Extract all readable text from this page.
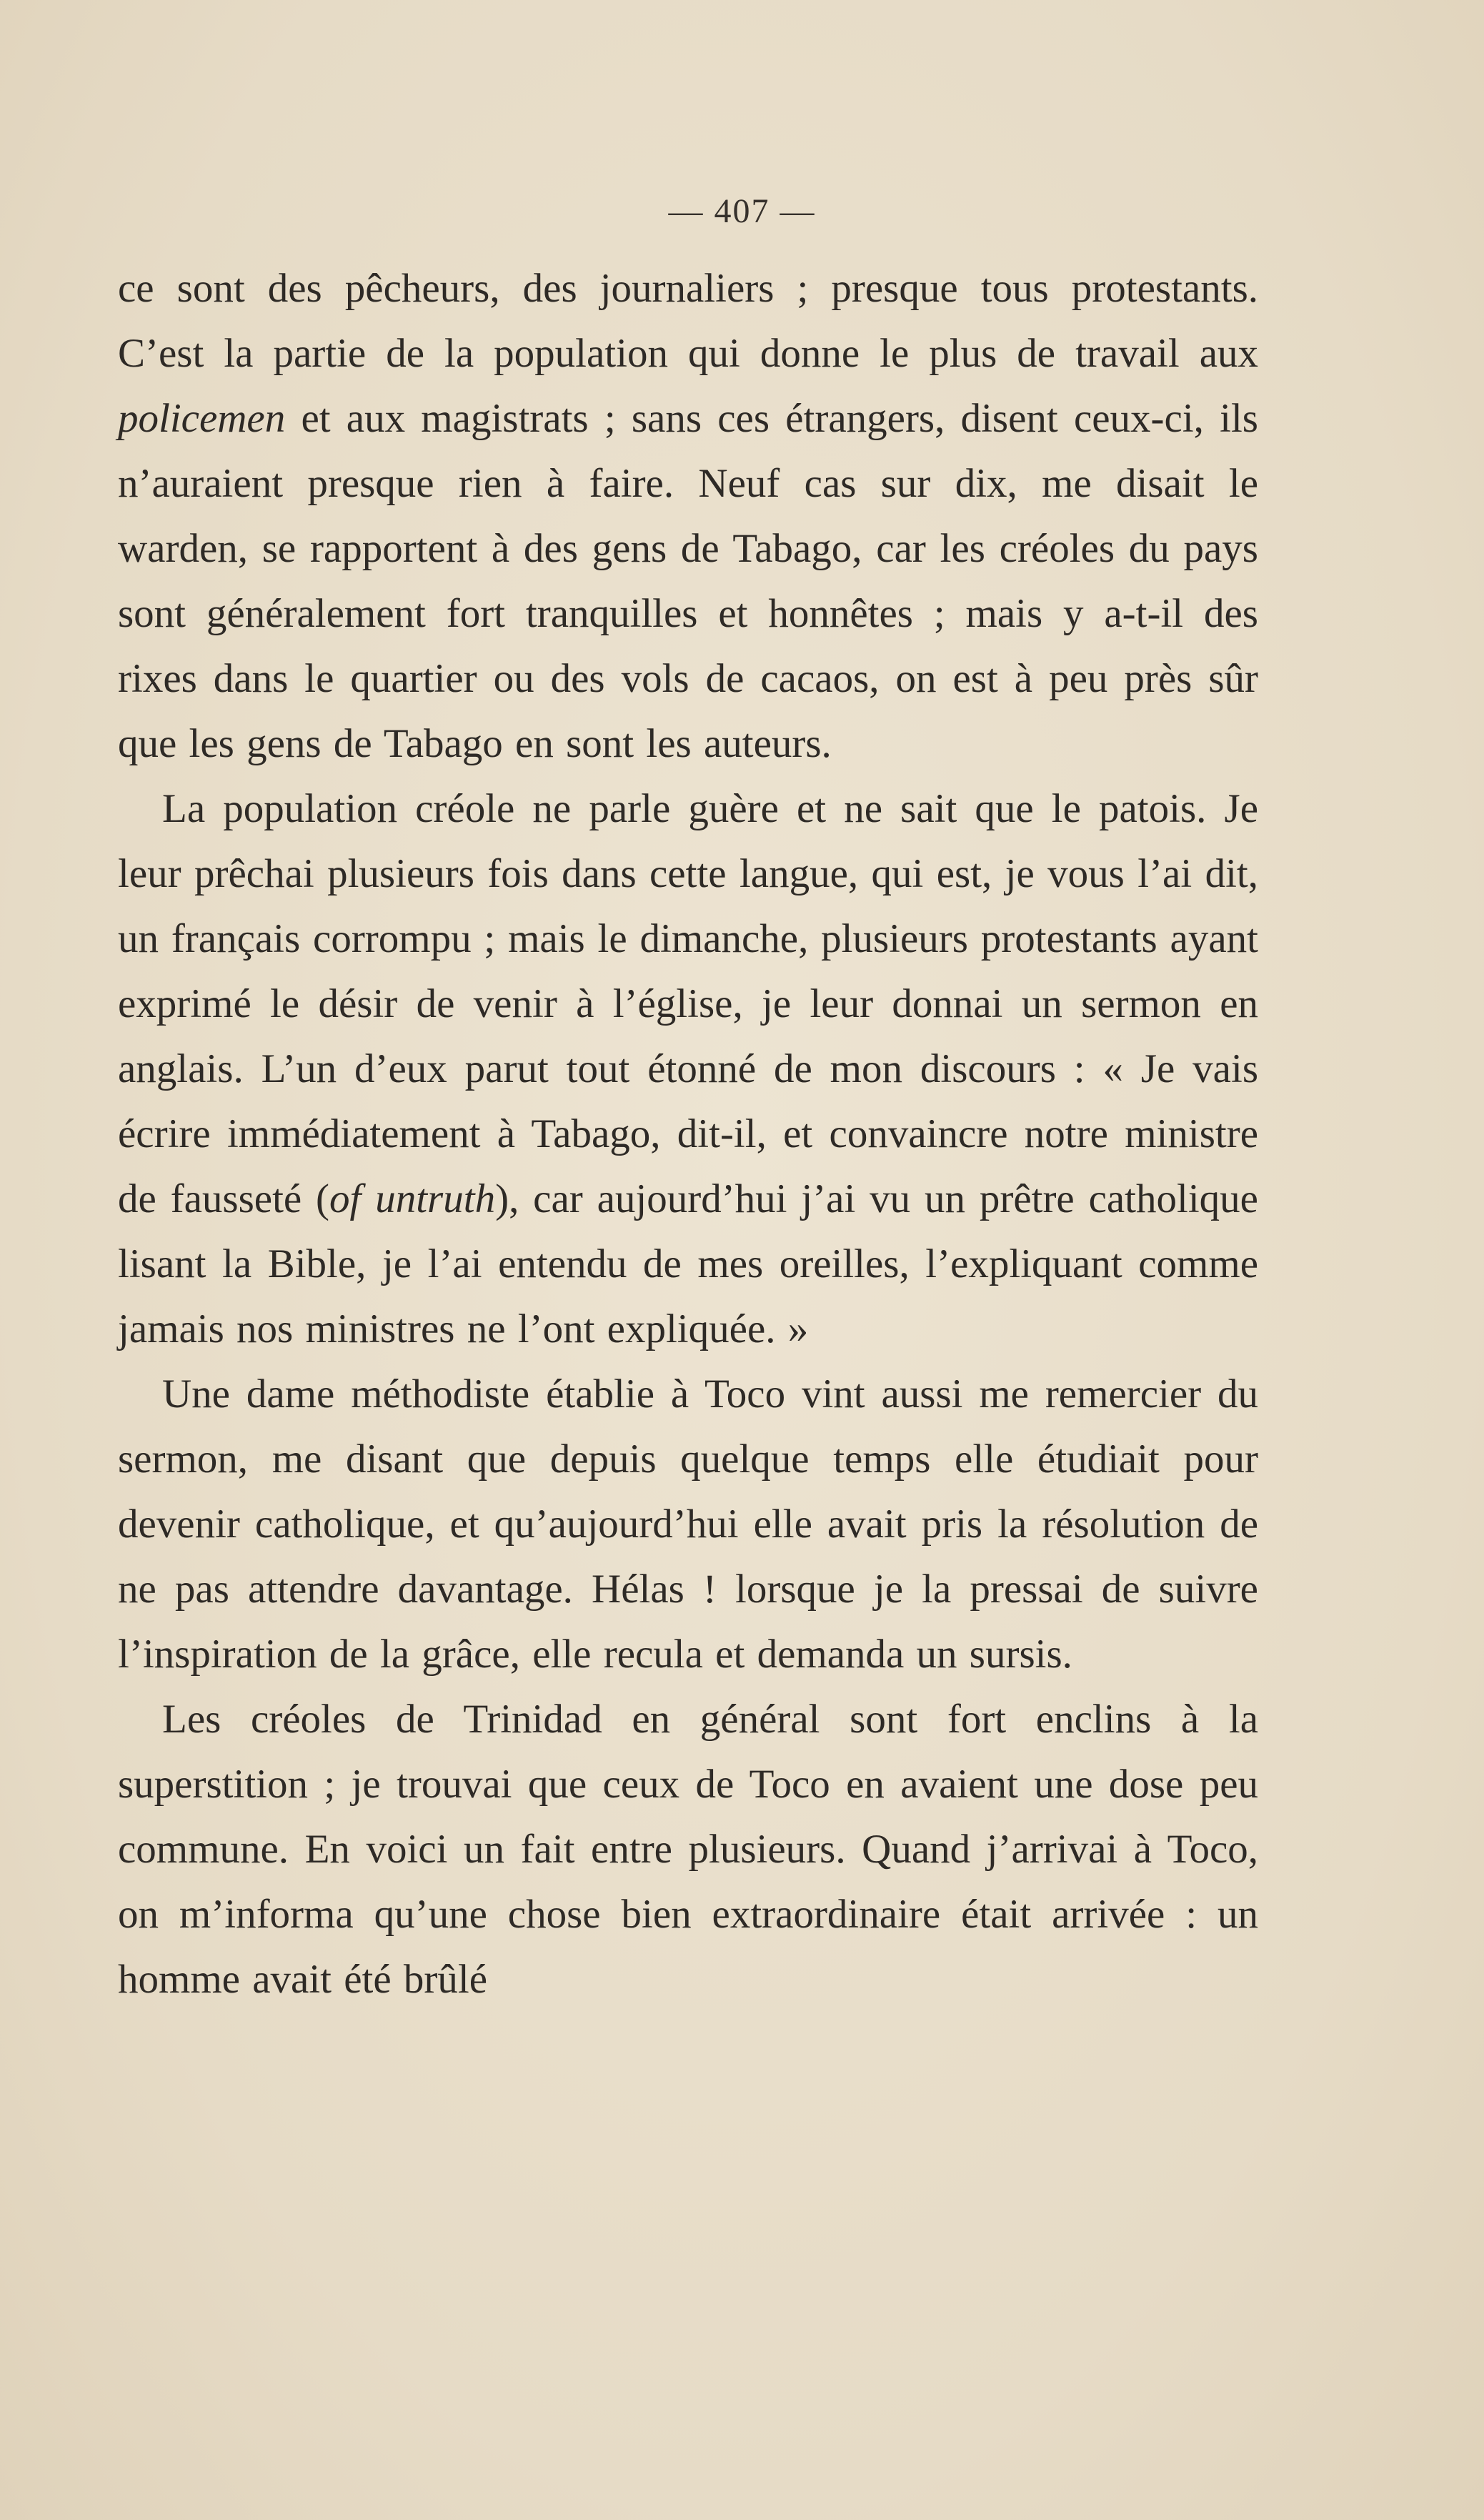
— 407 —

ce sont des pêcheurs, des journaliers ; presque tous protestants. C’est la partie de la population qui donne le plus de travail aux policemen et aux magistrats ; sans ces étrangers, disent ceux-ci, ils n’auraient presque rien à faire. Neuf cas sur dix, me disait le warden, se rapportent à des gens de Tabago, car les créoles du pays sont généralement fort tranquilles et honnêtes ; mais y a-t-il des rixes dans le quartier ou des vols de cacaos, on est à peu près sûr que les gens de Tabago en sont les auteurs.

La population créole ne parle guère et ne sait que le patois. Je leur prêchai plusieurs fois dans cette langue, qui est, je vous l’ai dit, un français corrompu ; mais le dimanche, plusieurs protestants ayant exprimé le désir de venir à l’église, je leur donnai un sermon en anglais. L’un d’eux parut tout étonné de mon discours : « Je vais écrire immédiatement à Tabago, dit-il, et convaincre notre ministre de fausseté (of untruth), car aujourd’hui j’ai vu un prêtre catholique lisant la Bible, je l’ai entendu de mes oreilles, l’expliquant comme jamais nos ministres ne l’ont expliquée. »

Une dame méthodiste établie à Toco vint aussi me remercier du sermon, me disant que depuis quelque temps elle étudiait pour devenir catholique, et qu’aujourd’hui elle avait pris la résolution de ne pas attendre davantage. Hélas ! lorsque je la pressai de suivre l’inspiration de la grâce, elle recula et demanda un sursis.

Les créoles de Trinidad en général sont fort enclins à la superstition ; je trouvai que ceux de Toco en avaient une dose peu commune. En voici un fait entre plusieurs. Quand j’arrivai à Toco, on m’informa qu’une chose bien extraordinaire était arrivée : un homme avait été brûlé
